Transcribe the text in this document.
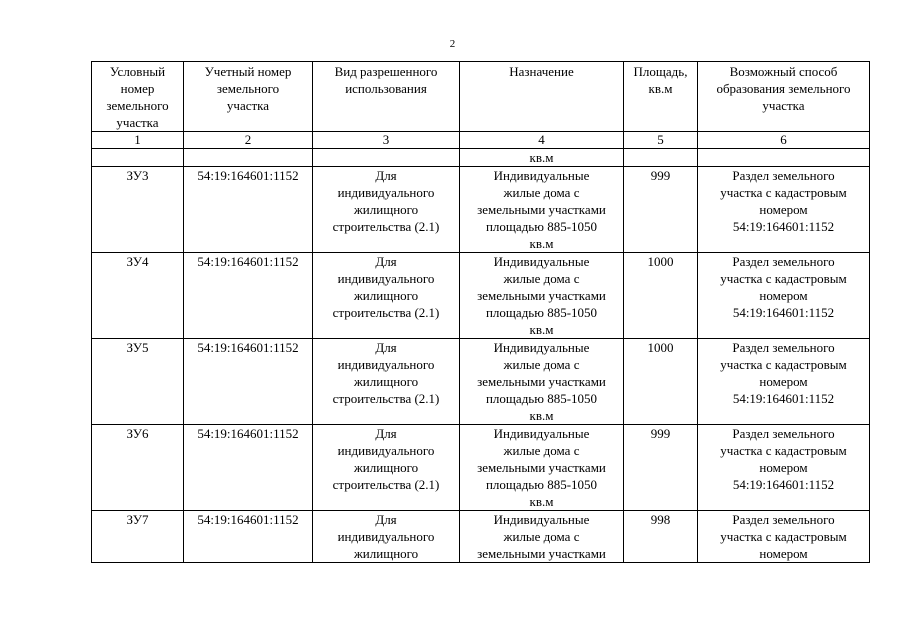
2
Условный
номер
земельного
участка	Учетный номер
земельного
участка	Вид разрешенного
использования	Назначение	Площадь,
кв.м	Возможный способ
образования земельного
участка

1	2	3	4	5	6

			кв.м		

ЗУ3	54:19:164601:1152	Для
индивидуального
жилищного
строительства (2.1)	Индивидуальные
жилые дома с
земельными участками
площадью 885-1050
кв.м	999	Раздел земельного
участка с кадастровым
номером
54:19:164601:1152

ЗУ4	54:19:164601:1152	Для
индивидуального
жилищного
строительства (2.1)	Индивидуальные
жилые дома с
земельными участками
площадью 885-1050
кв.м	1000	Раздел земельного
участка с кадастровым
номером
54:19:164601:1152

ЗУ5	54:19:164601:1152	Для
индивидуального
жилищного
строительства (2.1)	Индивидуальные
жилые дома с
земельными участками
площадью 885-1050
кв.м	1000	Раздел земельного
участка с кадастровым
номером
54:19:164601:1152

ЗУ6	54:19:164601:1152	Для
индивидуального
жилищного
строительства (2.1)	Индивидуальные
жилые дома с
земельными участками
площадью 885-1050
кв.м	999	Раздел земельного
участка с кадастровым
номером
54:19:164601:1152

ЗУ7	54:19:164601:1152	Для
индивидуального
жилищного	Индивидуальные
жилые дома с
земельными участками	998	Раздел земельного
участка с кадастровым
номером
